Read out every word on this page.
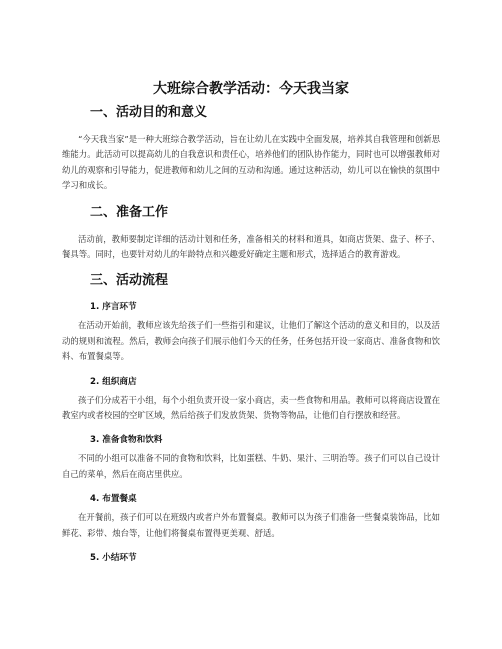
大班综合教学活动：今天我当家
一、活动目的和意义

“今天我当家”是一种大班综合教学活动，旨在让幼儿在实践中全面发展，培养其自我管理和创新思维能力。此活动可以提高幼儿的自我意识和责任心，培养他们的团队协作能力，同时也可以增强教师对幼儿的观察和引导能力，促进教师和幼儿之间的互动和沟通。通过这种活动，幼儿可以在愉快的氛围中学习和成长。

二、准备工作

活动前，教师要制定详细的活动计划和任务，准备相关的材料和道具，如商店货架、盘子、杯子、餐具等。同时，也要针对幼儿的年龄特点和兴趣爱好确定主题和形式，选择适合的教育游戏。

三、活动流程
1. 序言环节

在活动开始前，教师应该先给孩子们一些指引和建议，让他们了解这个活动的意义和目的，以及活动的规则和流程。然后，教师会向孩子们展示他们今天的任务，任务包括开设一家商店、准备食物和饮料、布置餐桌等。

2. 组织商店

孩子们分成若干小组，每个小组负责开设一家小商店，卖一些食物和用品。教师可以将商店设置在教室内或者校园的空旷区域，然后给孩子们发放货架、货物等物品，让他们自行摆放和经营。

3. 准备食物和饮料

不同的小组可以准备不同的食物和饮料，比如蛋糕、牛奶、果汁、三明治等。孩子们可以自己设计自己的菜单，然后在商店里供应。

4. 布置餐桌

在开餐前，孩子们可以在班级内或者户外布置餐桌。教师可以为孩子们准备一些餐桌装饰品，比如鲜花、彩带、烛台等，让他们将餐桌布置得更美观、舒适。

5. 小结环节
